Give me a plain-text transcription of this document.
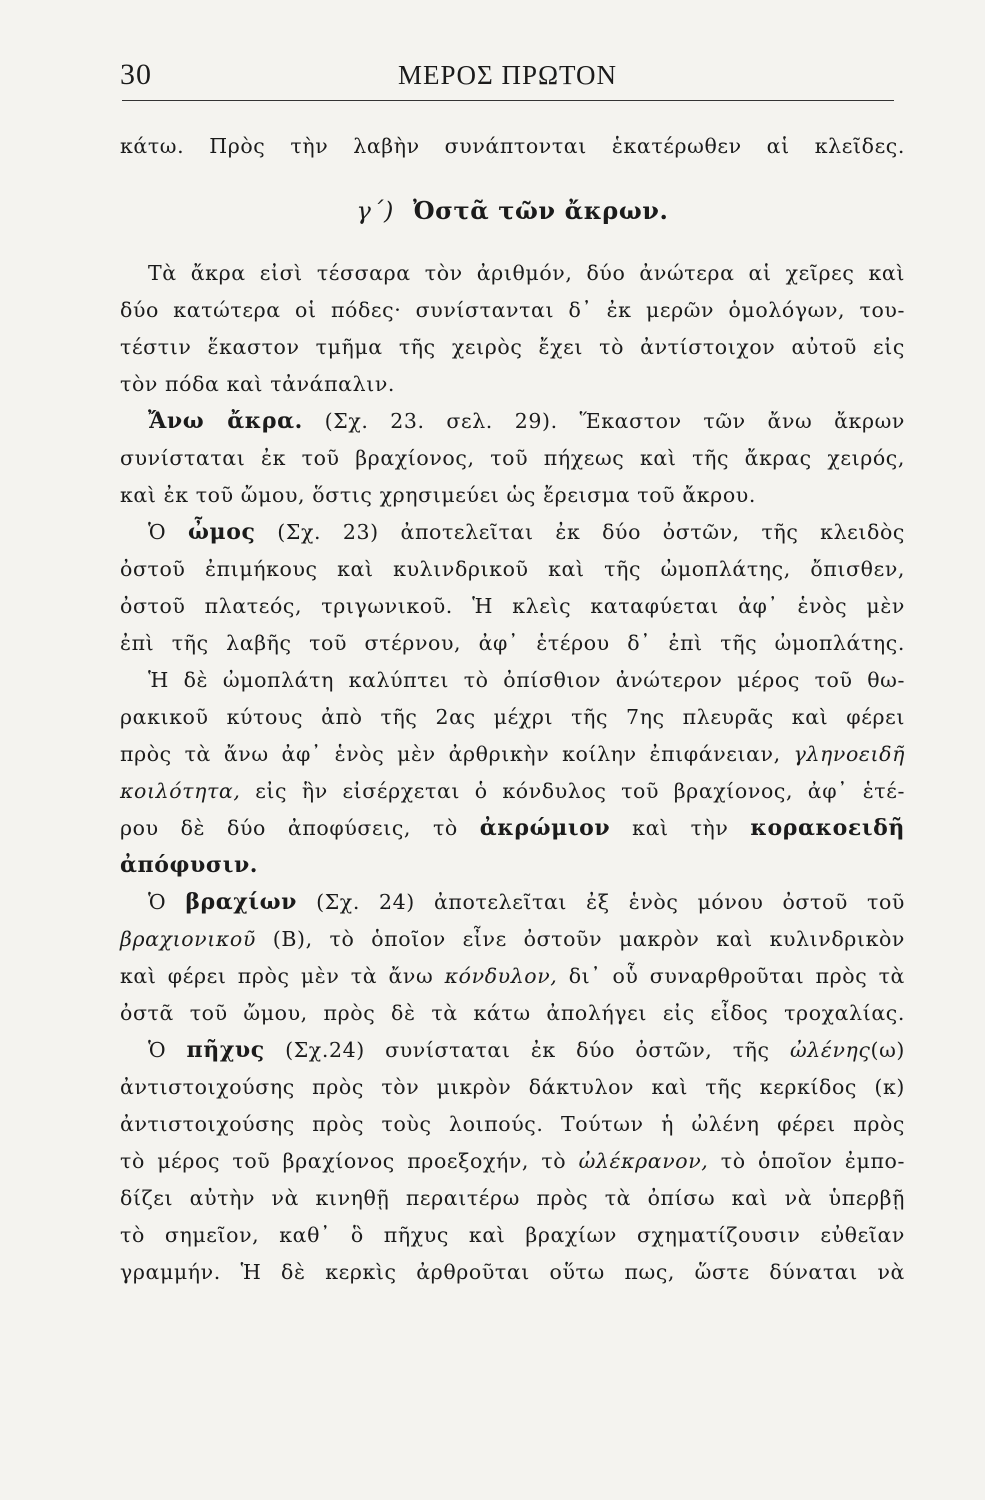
30	ΜΕΡΟΣ ΠΡΩΤΟΝ
κάτω. Πρὸς τὴν λαβὴν συνάπτονται ἑκατέρωθεν αἱ κλεῖδες.
γ΄) Ὀστᾶ τῶν ἄκρων.
Τὰ ἄκρα εἰσὶ τέσσαρα τὸν ἀριθμόν, δύο ἀνώτερα αἱ χεῖρες καὶ
δύο κατώτερα οἱ πόδες· συνίστανται δ᾿ ἐκ μερῶν ὁμολόγων, του-
τέστιν ἕκαστον τμῆμα τῆς χειρὸς ἔχει τὸ ἀντίστοιχον αὐτοῦ εἰς
τὸν πόδα καὶ τἀνάπαλιν.
Ἄνω ἄκρα. (Σχ. 23. σελ. 29). Ἕκαστον τῶν ἄνω ἄκρων
συνίσταται ἐκ τοῦ βραχίονος, τοῦ πήχεως καὶ τῆς ἄκρας χειρός,
καὶ ἐκ τοῦ ὤμου, ὅστις χρησιμεύει ὡς ἔρεισμα τοῦ ἄκρου.
Ὁ ὦμος (Σχ. 23) ἀποτελεῖται ἐκ δύο ὀστῶν, τῆς κλειδὸς
ὀστοῦ ἐπιμήκους καὶ κυλινδρικοῦ καὶ τῆς ὠμοπλάτης, ὄπισθεν,
ὀστοῦ πλατεός, τριγωνικοῦ. Ἡ κλεὶς καταφύεται ἀφ᾿ ἑνὸς μὲν
ἐπὶ τῆς λαβῆς τοῦ στέρνου, ἀφ᾿ ἑτέρου δ᾿ ἐπὶ τῆς ὠμοπλάτης.
Ἡ δὲ ὠμοπλάτη καλύπτει τὸ ὀπίσθιον ἀνώτερον μέρος τοῦ θω-
ρακικοῦ κύτους ἀπὸ τῆς 2ας μέχρι τῆς 7ης πλευρᾶς καὶ φέρει
πρὸς τὰ ἄνω ἀφ᾿ ἑνὸς μὲν ἀρθρικὴν κοίλην ἐπιφάνειαν, γληνοειδῆ
κοιλότητα, εἰς ἣν εἰσέρχεται ὁ κόνδυλος τοῦ βραχίονος, ἀφ᾿ ἑτέ-
ρου δὲ δύο ἀποφύσεις, τὸ ἀκρώμιον καὶ τὴν κορακοειδῆ
ἀπόφυσιν.
Ὁ βραχίων (Σχ. 24) ἀποτελεῖται ἐξ ἑνὸς μόνου ὀστοῦ τοῦ
βραχιονικοῦ (Β), τὸ ὁποῖον εἶνε ὀστοῦν μακρὸν καὶ κυλινδρικὸν
καὶ φέρει πρὸς μὲν τὰ ἄνω κόνδυλον, δι᾿ οὗ συναρθροῦται πρὸς τὰ
ὀστᾶ τοῦ ὤμου, πρὸς δὲ τὰ κάτω ἀπολήγει εἰς εἶδος τροχαλίας.
Ὁ πῆχυς (Σχ.24) συνίσταται ἐκ δύο ὀστῶν, τῆς ὠλένης(ω)
ἀντιστοιχούσης πρὸς τὸν μικρὸν δάκτυλον καὶ τῆς κερκίδος (κ)
ἀντιστοιχούσης πρὸς τοὺς λοιπούς. Τούτων ἡ ὠλένη φέρει πρὸς
τὸ μέρος τοῦ βραχίονος προεξοχήν, τὸ ὠλέκρανον, τὸ ὁποῖον ἐμπο-
δίζει αὐτὴν νὰ κινηθῇ περαιτέρω πρὸς τὰ ὀπίσω καὶ νὰ ὑπερβῇ
τὸ σημεῖον, καθ᾿ ὃ πῆχυς καὶ βραχίων σχηματίζουσιν εὐθεῖαν
γραμμήν. Ἡ δὲ κερκὶς ἀρθροῦται οὕτω πως, ὥστε δύναται νὰ
